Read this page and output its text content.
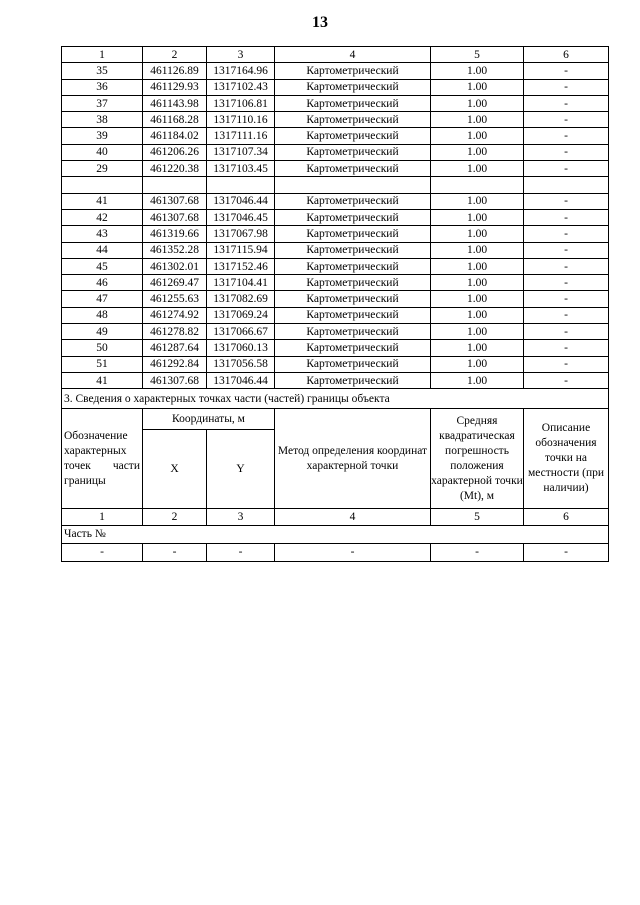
13
1	2	3	4	5	6
35	461126.89	1317164.96	Картометрический	1.00	-
36	461129.93	1317102.43	Картометрический	1.00	-
37	461143.98	1317106.81	Картометрический	1.00	-
38	461168.28	1317110.16	Картометрический	1.00	-
39	461184.02	1317111.16	Картометрический	1.00	-
40	461206.26	1317107.34	Картометрический	1.00	-
29	461220.38	1317103.45	Картометрический	1.00	-

41	461307.68	1317046.44	Картометрический	1.00	-
42	461307.68	1317046.45	Картометрический	1.00	-
43	461319.66	1317067.98	Картометрический	1.00	-
44	461352.28	1317115.94	Картометрический	1.00	-
45	461302.01	1317152.46	Картометрический	1.00	-
46	461269.47	1317104.41	Картометрический	1.00	-
47	461255.63	1317082.69	Картометрический	1.00	-
48	461274.92	1317069.24	Картометрический	1.00	-
49	461278.82	1317066.67	Картометрический	1.00	-
50	461287.64	1317060.13	Картометрический	1.00	-
51	461292.84	1317056.58	Картометрический	1.00	-
41	461307.68	1317046.44	Картометрический	1.00	-
3. Сведения о характерных точках части (частей) границы объекта					

Обозначение
характерных
точек части
границы	Координаты, м		Метод определения координат характерной точки	Средняя квадратическая погрешность положения характерной точки (Mt), м	Описание обозначения точки на местности (при наличии)
	X	Y			
1	2	3	4	5	6
Часть №					
-	-	-	-	-	-
